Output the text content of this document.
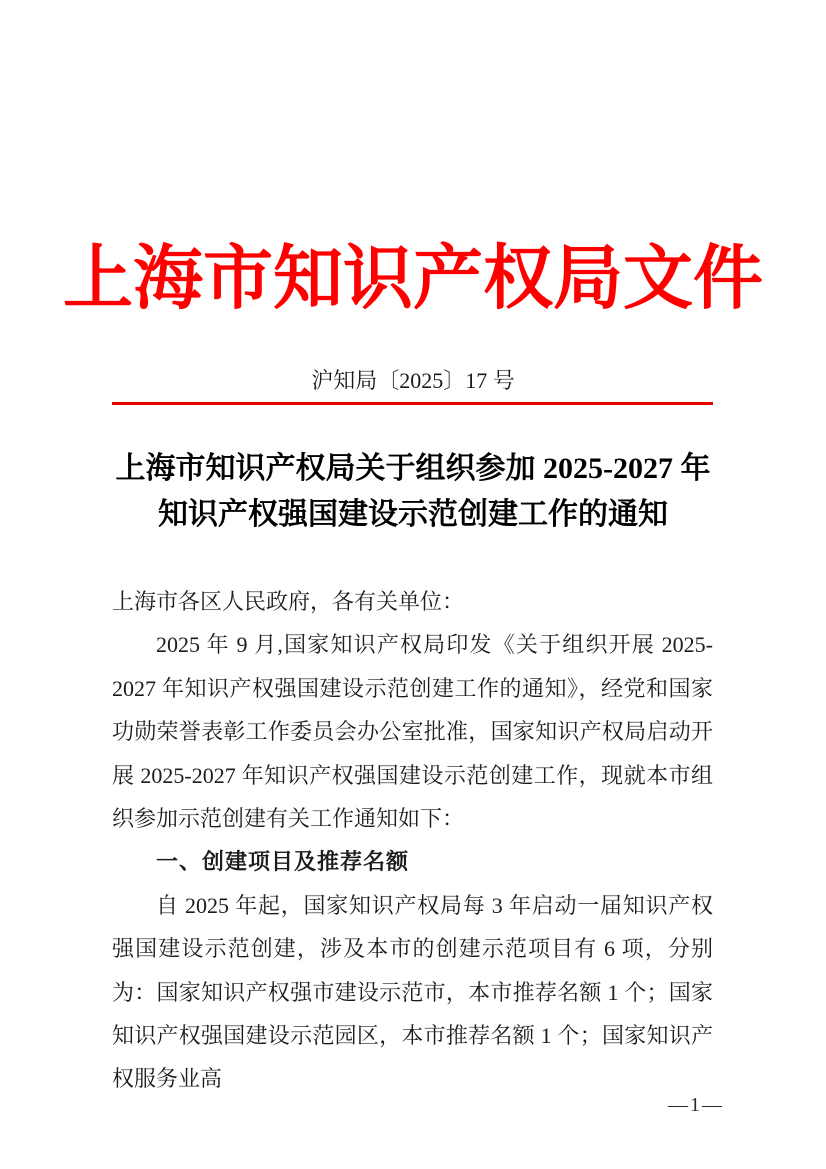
上海市知识产权局文件
沪知局〔2025〕17 号
上海市知识产权局关于组织参加 2025-2027 年
知识产权强国建设示范创建工作的通知

上海市各区人民政府，各有关单位：

2025 年 9 月,国家知识产权局印发《关于组织开展 2025-2027 年知识产权强国建设示范创建工作的通知》，经党和国家功勋荣誉表彰工作委员会办公室批准，国家知识产权局启动开展 2025-2027 年知识产权强国建设示范创建工作，现就本市组织参加示范创建有关工作通知如下：

一、创建项目及推荐名额

自 2025 年起，国家知识产权局每 3 年启动一届知识产权强国建设示范创建，涉及本市的创建示范项目有 6 项，分别为：国家知识产权强市建设示范市，本市推荐名额 1 个；国家知识产权强国建设示范园区，本市推荐名额 1 个；国家知识产权服务业高

—1—
